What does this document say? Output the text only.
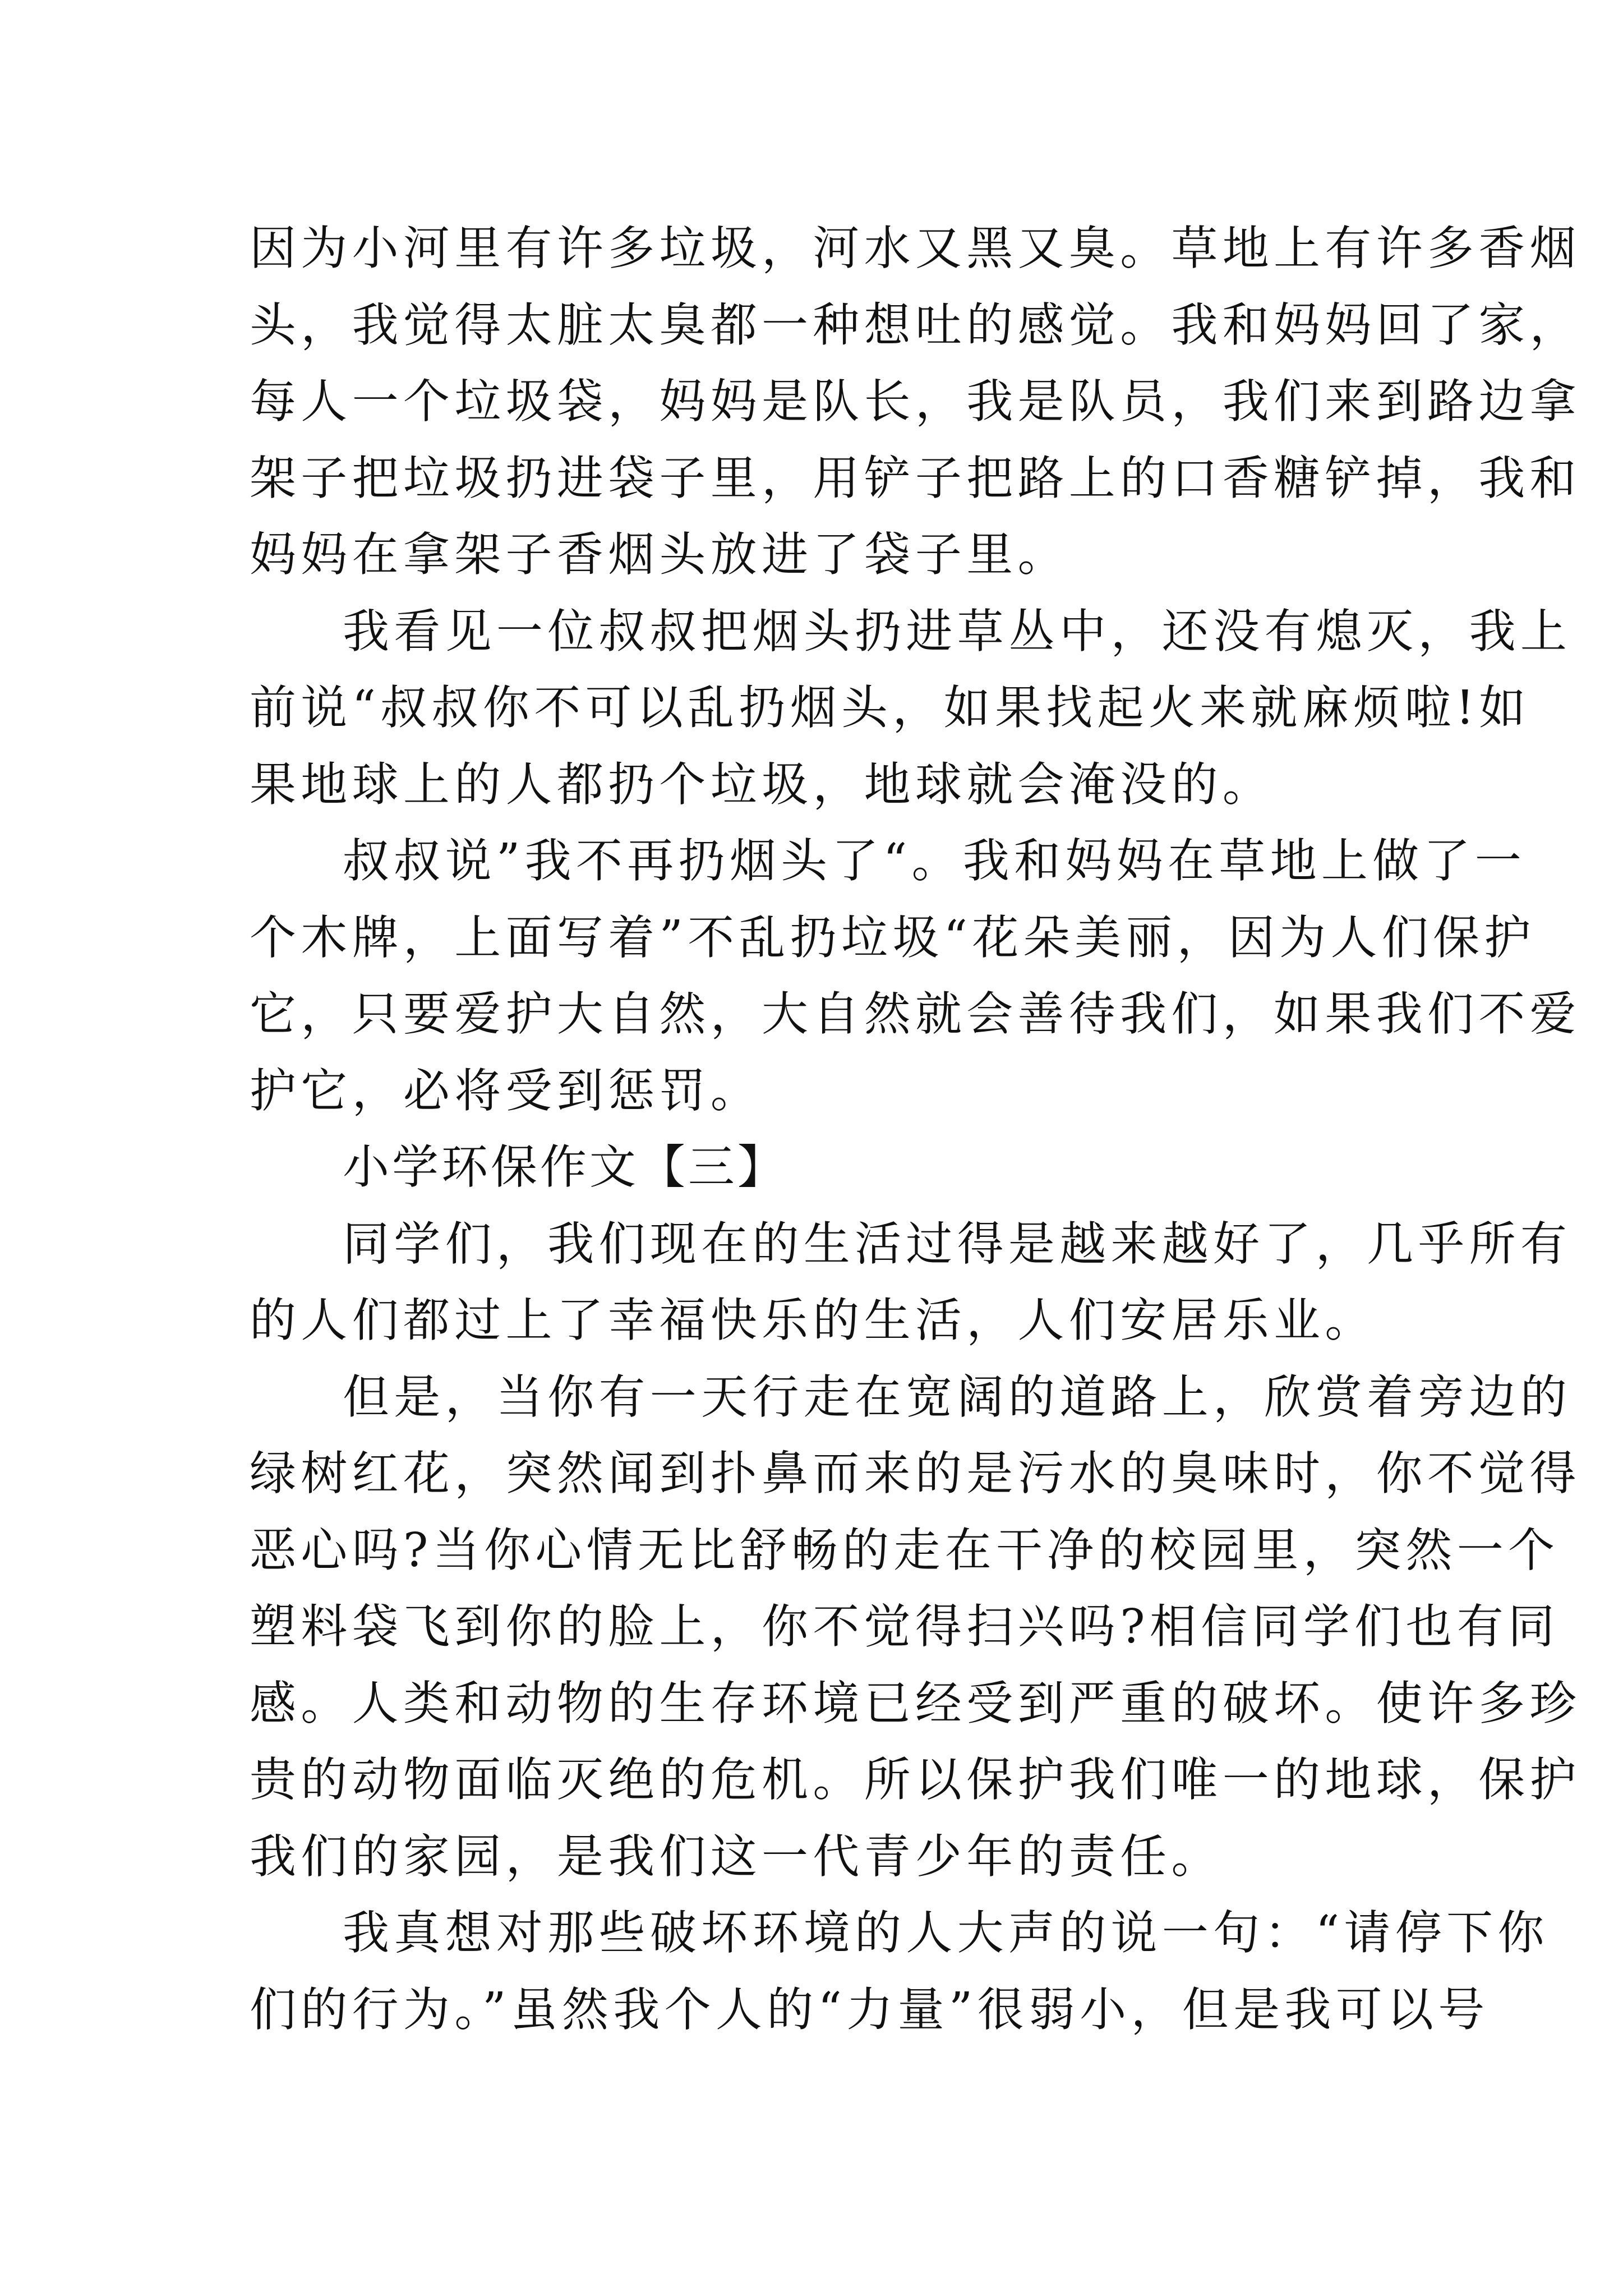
因为小河里有许多垃圾，河水又黑又臭。草地上有许多香烟
头，我觉得太脏太臭都一种想吐的感觉。我和妈妈回了家，
每人一个垃圾袋，妈妈是队长，我是队员，我们来到路边拿
架子把垃圾扔进袋子里，用铲子把路上的口香糖铲掉，我和
妈妈在拿架子香烟头放进了袋子里。
我看见一位叔叔把烟头扔进草丛中，还没有熄灭，我上
前说“叔叔你不可以乱扔烟头，如果找起火来就麻烦啦!如
果地球上的人都扔个垃圾，地球就会淹没的。
叔叔说”我不再扔烟头了“。我和妈妈在草地上做了一
个木牌，上面写着”不乱扔垃圾“花朵美丽，因为人们保护
它，只要爱护大自然，大自然就会善待我们，如果我们不爱
护它，必将受到惩罚。
小学环保作文【三】
同学们，我们现在的生活过得是越来越好了，几乎所有
的人们都过上了幸福快乐的生活，人们安居乐业。
但是，当你有一天行走在宽阔的道路上，欣赏着旁边的
绿树红花，突然闻到扑鼻而来的是污水的臭味时，你不觉得
恶心吗?当你心情无比舒畅的走在干净的校园里，突然一个
塑料袋飞到你的脸上，你不觉得扫兴吗?相信同学们也有同
感。人类和动物的生存环境已经受到严重的破坏。使许多珍
贵的动物面临灭绝的危机。所以保护我们唯一的地球，保护
我们的家园，是我们这一代青少年的责任。
我真想对那些破坏环境的人大声的说一句：“请停下你
们的行为。”虽然我个人的“力量”很弱小，但是我可以号
